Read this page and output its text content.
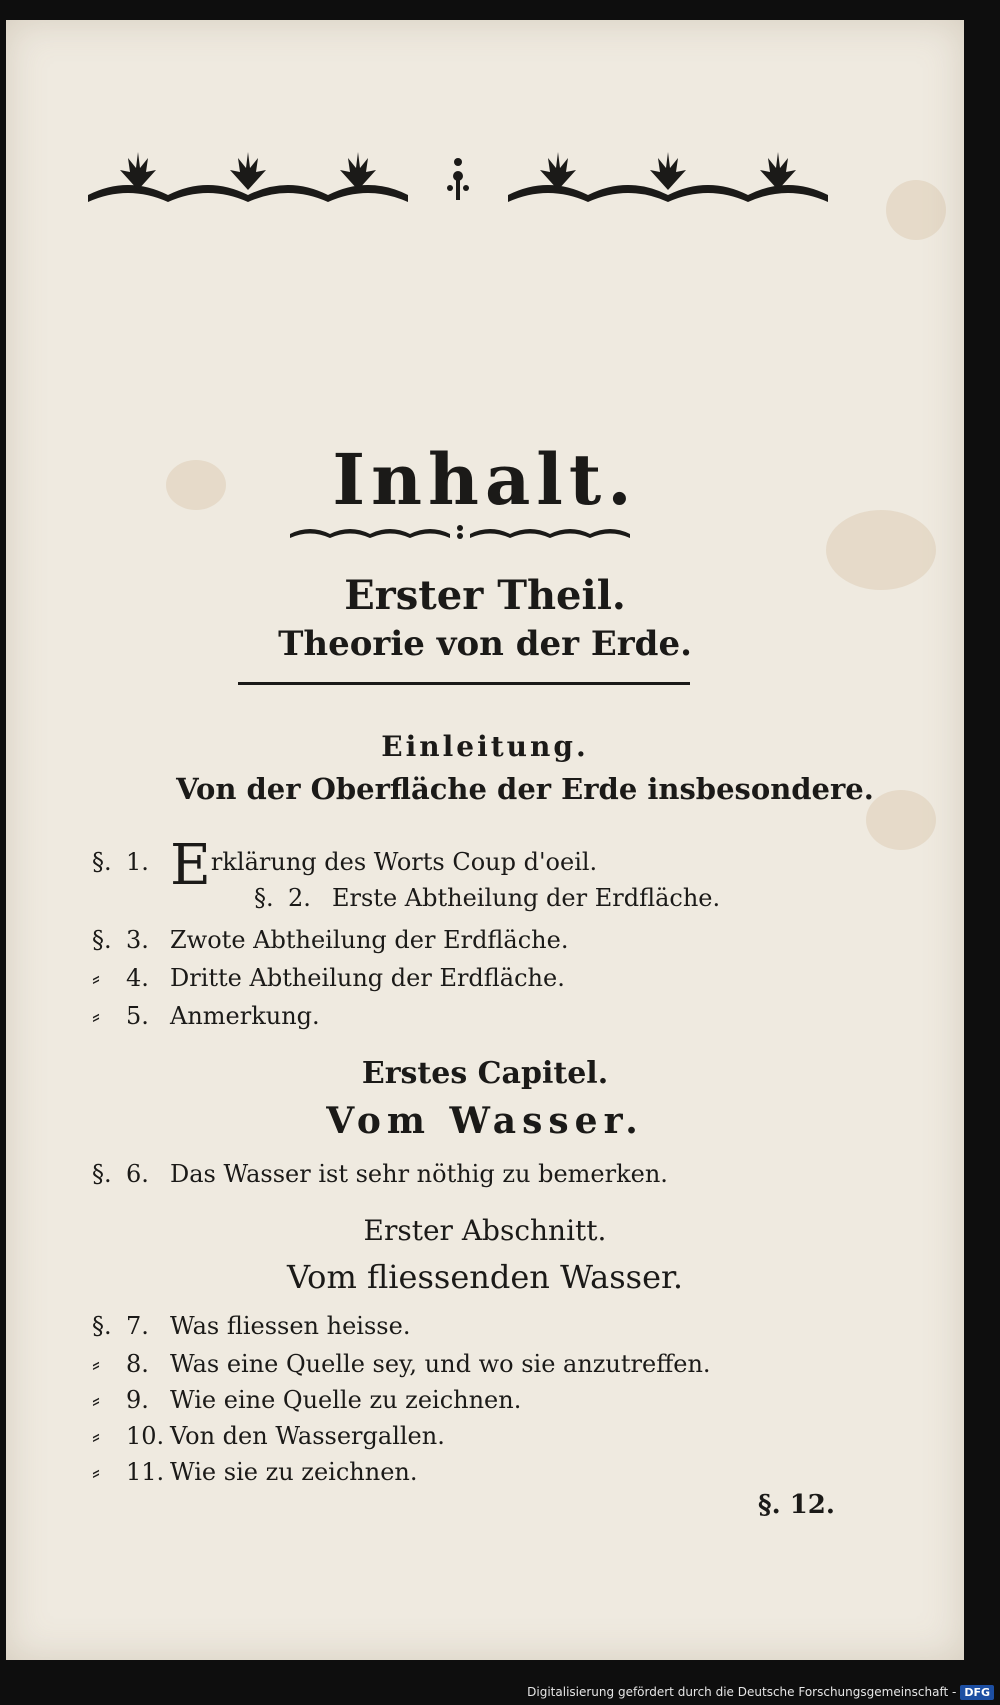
Inhalt.
Erster Theil.
Theorie von der Erde.
Einleitung.
Von der Oberfläche der Erde insbesondere.
§. 1. Erklärung des Worts Coup d'oeil.
§. 2. Erste Abtheilung der Erdfläche.
§. 3. Zwote Abtheilung der Erdfläche.
⸗ 4. Dritte Abtheilung der Erdfläche.
⸗ 5. Anmerkung.
Erstes Capitel.
Vom Wasser.
§. 6. Das Wasser ist sehr nöthig zu bemerken.
Erster Abschnitt.
Vom fliessenden Wasser.
§. 7. Was fliessen heisse.
⸗ 8. Was eine Quelle sey, und wo sie anzutreffen.
⸗ 9. Wie eine Quelle zu zeichnen.
⸗ 10. Von den Wassergallen.
⸗ 11. Wie sie zu zeichnen.
§. 12.
Digitalisierung gefördert durch die Deutsche Forschungsgemeinschaft - DFG
